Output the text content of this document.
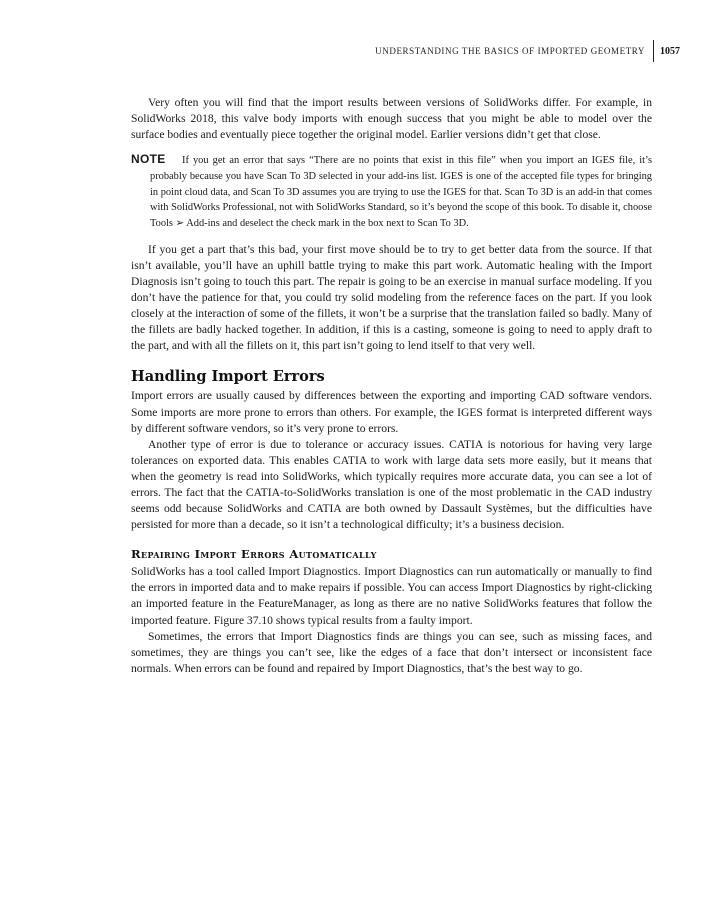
UNDERSTANDING THE BASICS OF IMPORTED GEOMETRY	1057

Very often you will find that the import results between versions of SolidWorks differ. For example, in SolidWorks 2018, this valve body imports with enough success that you might be able to model over the surface bodies and eventually piece together the original model. Earlier versions didn’t get that close.

NOTE If you get an error that says “There are no points that exist in this file” when you import an IGES file, it’s probably because you have Scan To 3D selected in your add-ins list. IGES is one of the accepted file types for bringing in point cloud data, and Scan To 3D assumes you are trying to use the IGES for that. Scan To 3D is an add-in that comes with SolidWorks Professional, not with SolidWorks Standard, so it’s beyond the scope of this book. To disable it, choose Tools ➢ Add-ins and deselect the check mark in the box next to Scan To 3D.

If you get a part that’s this bad, your first move should be to try to get better data from the source. If that isn’t available, you’ll have an uphill battle trying to make this part work. Automatic healing with the Import Diagnosis isn’t going to touch this part. The repair is going to be an exercise in manual surface modeling. If you don’t have the patience for that, you could try solid modeling from the reference faces on the part. If you look closely at the interaction of some of the fillets, it won’t be a surprise that the translation failed so badly. Many of the fillets are badly hacked together. In addition, if this is a casting, someone is going to need to apply draft to the part, and with all the fillets on it, this part isn’t going to lend itself to that very well.

Handling Import Errors

Import errors are usually caused by differences between the exporting and importing CAD software vendors. Some imports are more prone to errors than others. For example, the IGES format is interpreted different ways by different software vendors, so it’s very prone to errors.

Another type of error is due to tolerance or accuracy issues. CATIA is notorious for having very large tolerances on exported data. This enables CATIA to work with large data sets more easily, but it means that when the geometry is read into SolidWorks, which typically requires more accurate data, you can see a lot of errors. The fact that the CATIA-to-SolidWorks translation is one of the most problematic in the CAD industry seems odd because SolidWorks and CATIA are both owned by Dassault Systèmes, but the difficulties have persisted for more than a decade, so it isn’t a technological difficulty; it’s a business decision.

Repairing Import Errors Automatically

SolidWorks has a tool called Import Diagnostics. Import Diagnostics can run automatically or manually to find the errors in imported data and to make repairs if possible. You can access Import Diagnostics by right-clicking an imported feature in the FeatureManager, as long as there are no native SolidWorks features that follow the imported feature. Figure 37.10 shows typical results from a faulty import.

Sometimes, the errors that Import Diagnostics finds are things you can see, such as missing faces, and sometimes, they are things you can’t see, like the edges of a face that don’t intersect or inconsistent face normals. When errors can be found and repaired by Import Diagnostics, that’s the best way to go.
